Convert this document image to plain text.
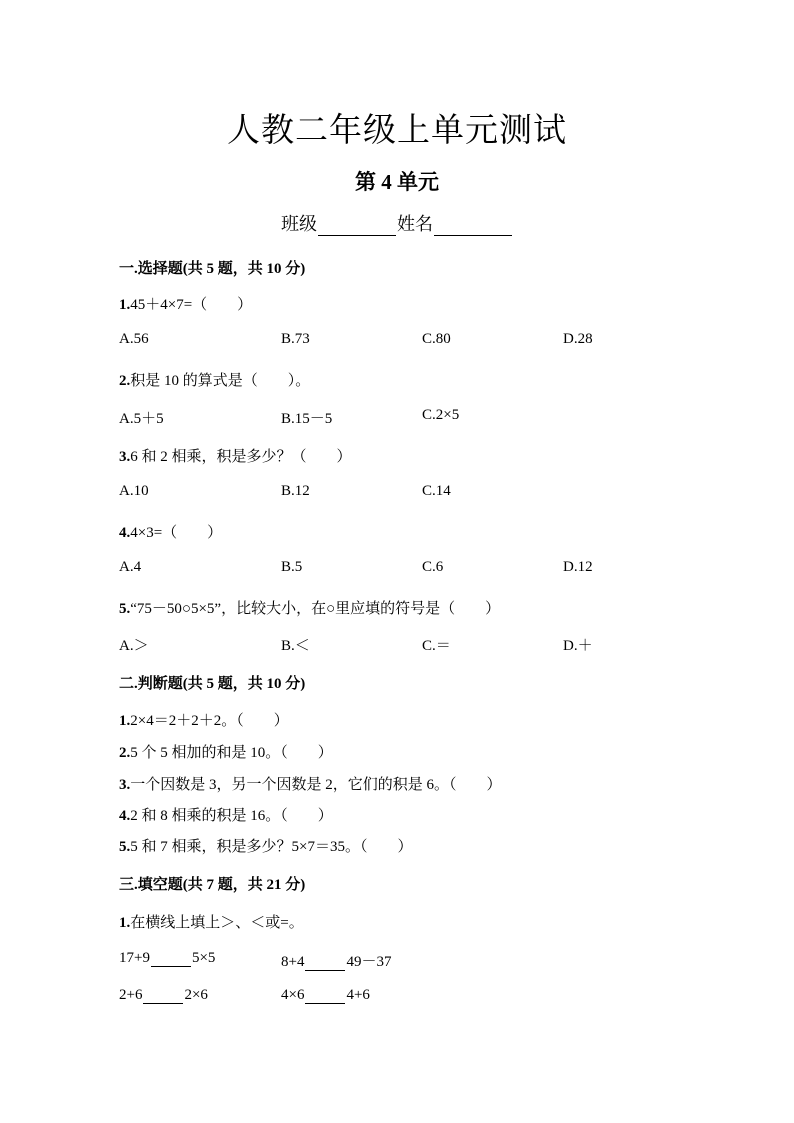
人教二年级上单元测试
第 4 单元
班级	姓名
一.选择题(共 5 题，共 10 分)
1.45＋4×7=（　　）
A.56	B.73	C.80	D.28
2.积是 10 的算式是（　　）。
A.5＋5	B.15－5	C.2×5
3.6 和 2 相乘，积是多少？（　　）
A.10	B.12	C.14
4.4×3=（　　）
A.4	B.5	C.6	D.12
5.“75－50○5×5”，比较大小，在○里应填的符号是（　　）
A.＞	B.＜	C.＝	D.＋
二.判断题(共 5 题，共 10 分)
1.2×4＝2＋2＋2。（　　）
2.5 个 5 相加的和是 10。（　　）
3.一个因数是 3，另一个因数是 2，它们的积是 6。（　　）
4.2 和 8 相乘的积是 16。（　　）
5.5 和 7 相乘，积是多少？5×7＝35。（　　）
三.填空题(共 7 题，共 21 分)
1.在横线上填上＞、＜或=。
17+9	5×5	8+4	49－37
2+6	2×6	4×6	4+6
